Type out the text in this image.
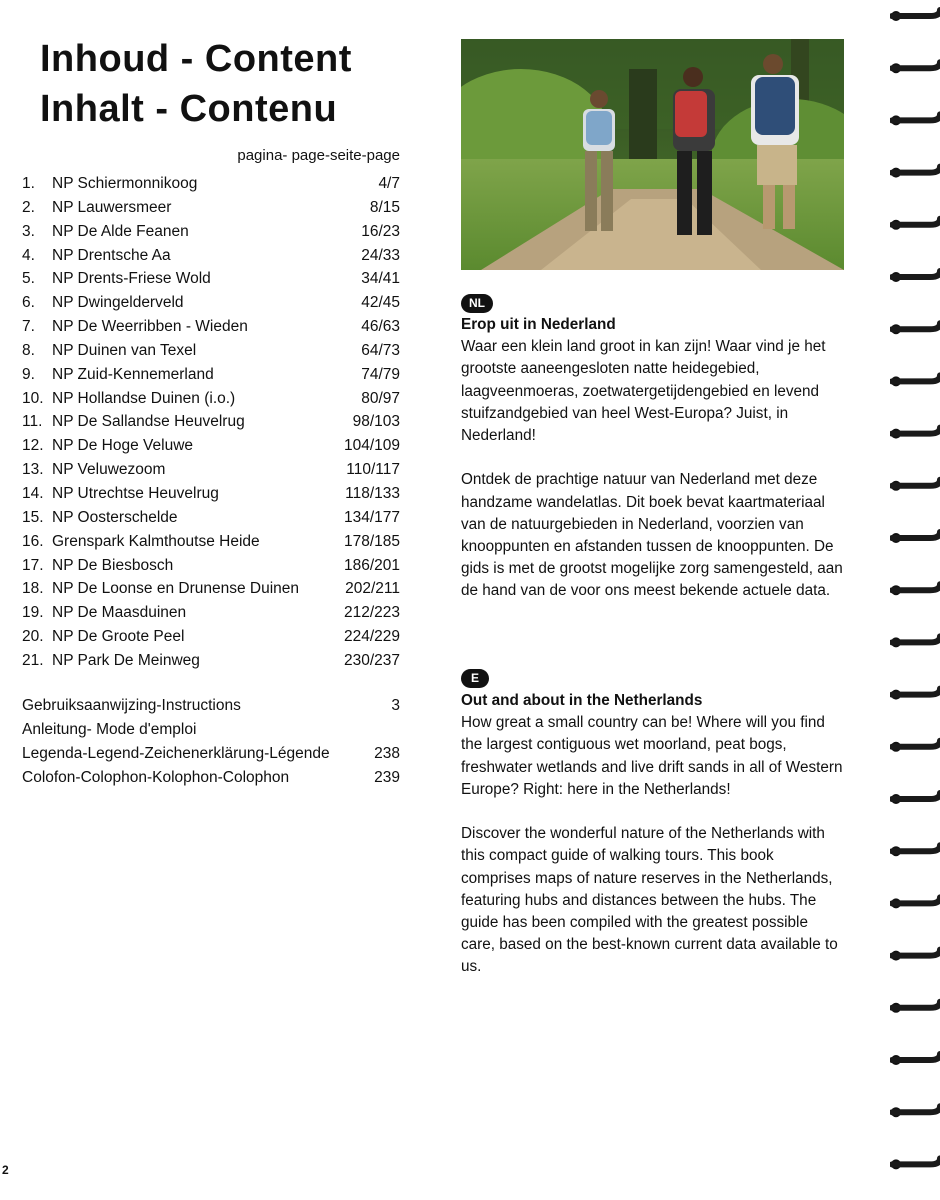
Inhoud - Content
Inhalt - Contenu
pagina- page-seite-page
1.	NP Schiermonnikoog	4/7
2.	NP Lauwersmeer	8/15
3.	NP De Alde Feanen	16/23
4.	NP Drentsche Aa	24/33
5.	NP Drents-Friese Wold	34/41
6.	NP Dwingelderveld	42/45
7.	NP De Weerribben - Wieden	46/63
8.	NP Duinen van Texel	64/73
9.	NP Zuid-Kennemerland	74/79
10. NP Hollandse Duinen (i.o.)	80/97
11. NP De Sallandse Heuvelrug	98/103
12. NP De Hoge Veluwe	104/109
13. NP Veluwezoom	110/117
14. NP Utrechtse Heuvelrug	118/133
15. NP Oosterschelde	134/177
16. Grenspark Kalmthoutse Heide	178/185
17. NP De Biesbosch	186/201
18. NP De Loonse en Drunense Duinen	202/211
19. NP De Maasduinen	212/223
20. NP De Groote Peel	224/229
21. NP Park De Meinweg	230/237
Gebruiksaanwijzing-Instructions	3
Anleitung- Mode d'emploi
Legenda-Legend-Zeichenerklärung-Légende	238
Colofon-Colophon-Kolophon-Colophon	239
NL
Erop uit in Nederland

Waar een klein land groot in kan zijn! Waar vind je het grootste aaneengesloten natte heidegebied, laagveenmoeras, zoetwatergetijdengebied en levend stuifzandgebied van heel West-Europa? Juist, in Nederland!

Ontdek de prachtige natuur van Nederland met deze handzame wandelatlas. Dit boek bevat kaartmateriaal van de natuurgebieden in Nederland, voorzien van knooppunten en afstanden tussen de knooppunten. De gids is met de grootst mogelijke zorg samengesteld, aan de hand van de voor ons meest bekende actuele data.

E
Out and about in the Netherlands

How great a small country can be! Where will you find the largest contiguous wet moorland, peat bogs, freshwater wetlands and live drift sands in all of Western Europe? Right: here in the Netherlands!

Discover the wonderful nature of the Netherlands with this compact guide of walking tours. This book comprises maps of nature reserves in the Netherlands, featuring hubs and distances between the hubs. The guide has been compiled with the greatest possible care, based on the best-known current data available to us.

2
